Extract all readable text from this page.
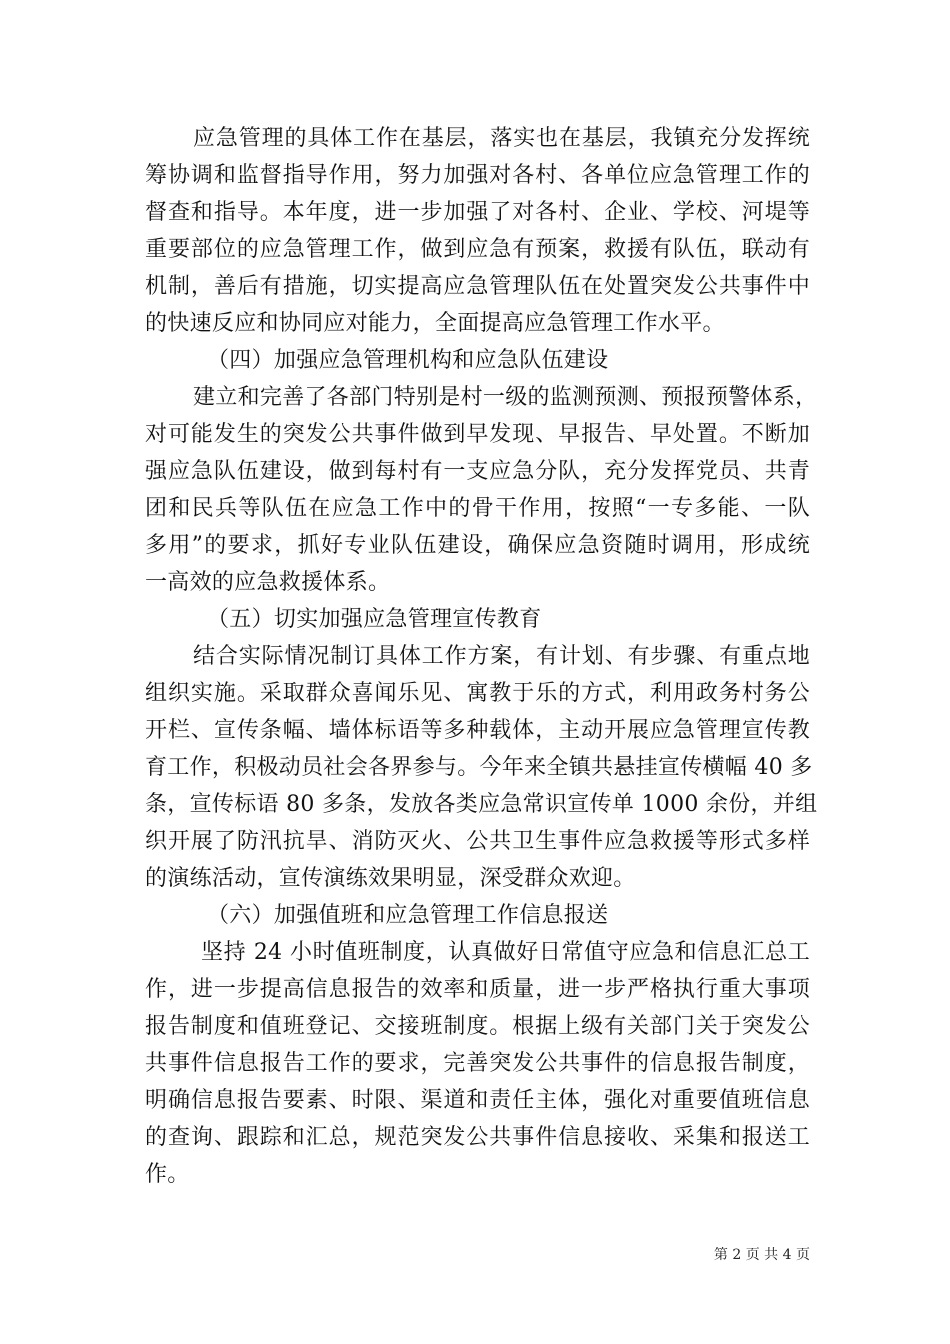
应急管理的具体工作在基层，落实也在基层，我镇充分发挥统
筹协调和监督指导作用，努力加强对各村、各单位应急管理工作的
督查和指导。本年度，进一步加强了对各村、企业、学校、河堤等
重要部位的应急管理工作，做到应急有预案，救援有队伍，联动有
机制，善后有措施，切实提高应急管理队伍在处置突发公共事件中
的快速反应和协同应对能力，全面提高应急管理工作水平。
（四）加强应急管理机构和应急队伍建设
建立和完善了各部门特别是村一级的监测预测、预报预警体系，
对可能发生的突发公共事件做到早发现、早报告、早处置。不断加
强应急队伍建设，做到每村有一支应急分队，充分发挥党员、共青
团和民兵等队伍在应急工作中的骨干作用，按照“一专多能、一队
多用”的要求，抓好专业队伍建设，确保应急资随时调用，形成统
一高效的应急救援体系。
（五）切实加强应急管理宣传教育
结合实际情况制订具体工作方案，有计划、有步骤、有重点地
组织实施。采取群众喜闻乐见、寓教于乐的方式，利用政务村务公
开栏、宣传条幅、墙体标语等多种载体，主动开展应急管理宣传教
育工作，积极动员社会各界参与。今年来全镇共悬挂宣传横幅 40 多
条，宣传标语 80 多条，发放各类应急常识宣传单 1000 余份，并组
织开展了防汛抗旱、消防灭火、公共卫生事件应急救援等形式多样
的演练活动，宣传演练效果明显，深受群众欢迎。
（六）加强值班和应急管理工作信息报送
坚持 24 小时值班制度，认真做好日常值守应急和信息汇总工
作，进一步提高信息报告的效率和质量，进一步严格执行重大事项
报告制度和值班登记、交接班制度。根据上级有关部门关于突发公
共事件信息报告工作的要求，完善突发公共事件的信息报告制度，
明确信息报告要素、时限、渠道和责任主体，强化对重要值班信息
的查询、跟踪和汇总，规范突发公共事件信息接收、采集和报送工
作。
第 2 页 共 4 页
